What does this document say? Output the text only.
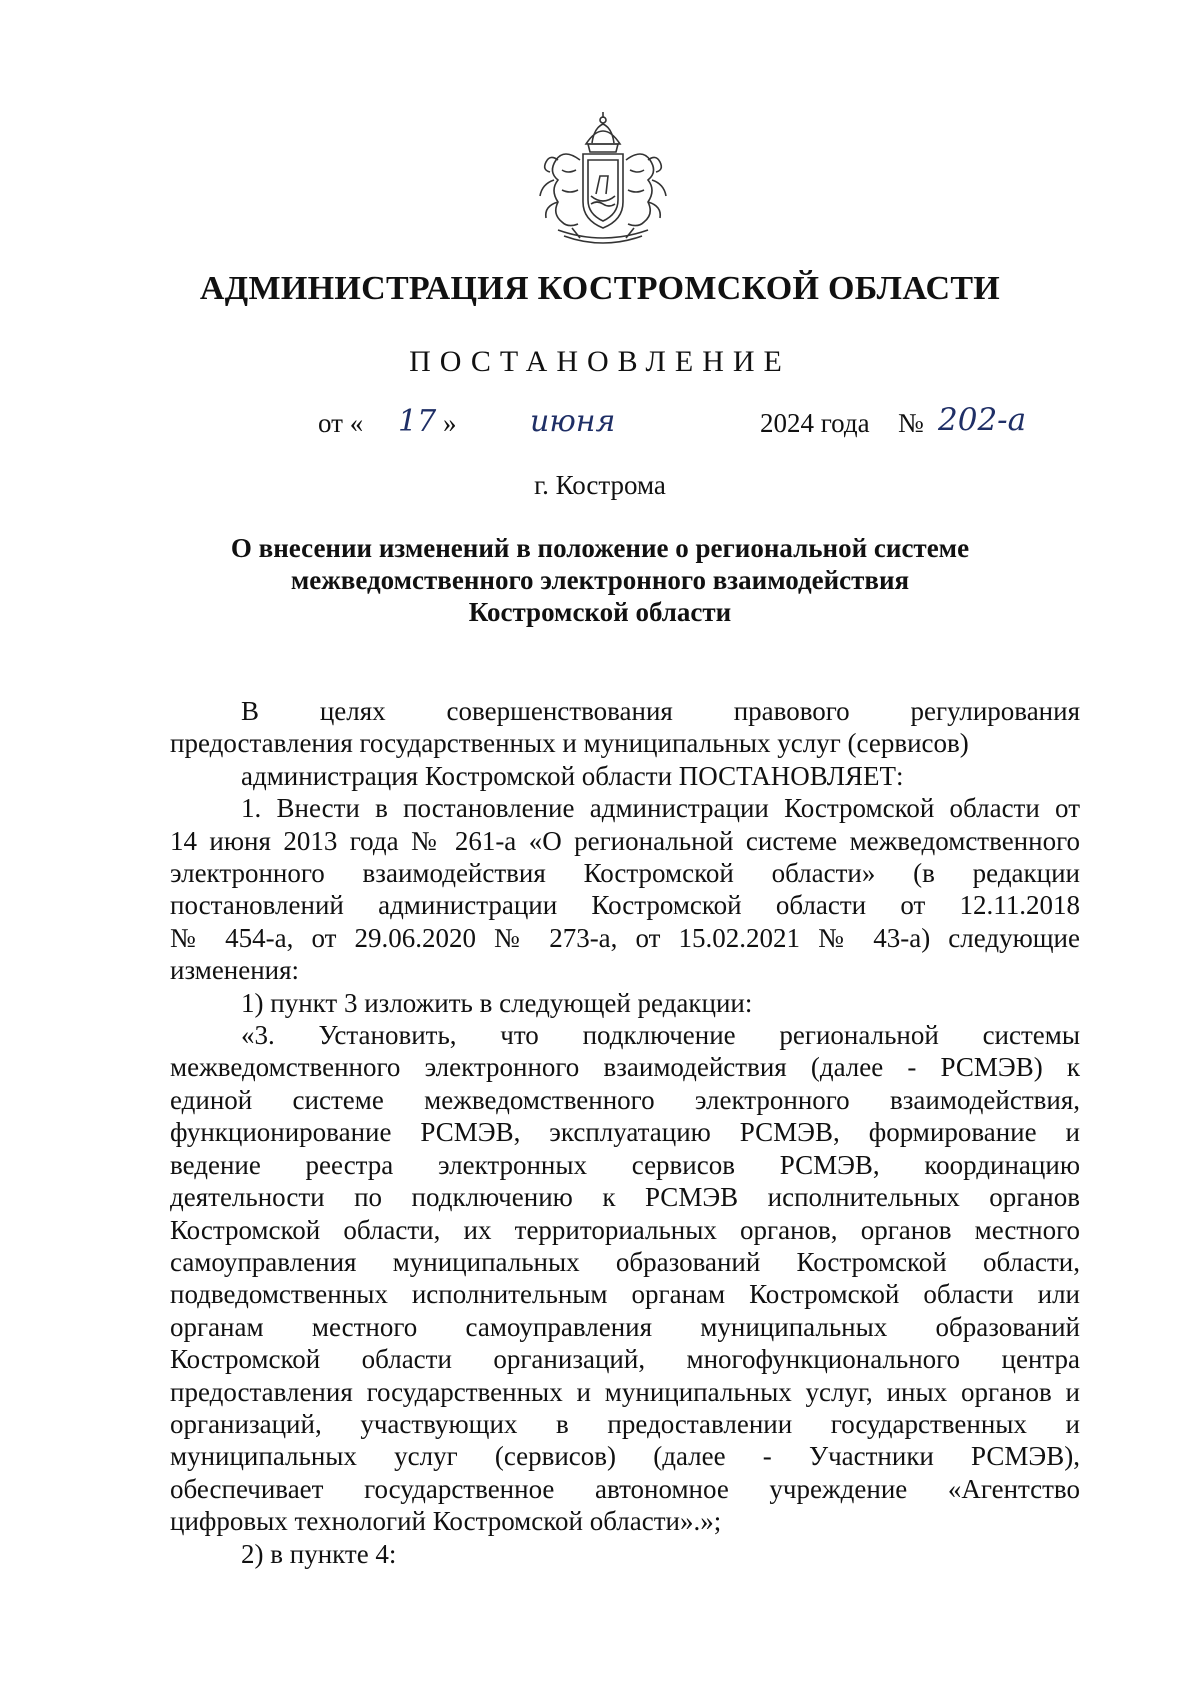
АДМИНИСТРАЦИЯ КОСТРОМСКОЙ ОБЛАСТИ
ПОСТАНОВЛЕНИЕ
от « 17 » июня	2024 года № 202-а
г. Кострома
О внесении изменений в положение о региональной системе
межведомственного электронного взаимодействия
Костромской области
В целях совершенствования правового регулирования
предоставления государственных и муниципальных услуг (сервисов)
администрация Костромской области ПОСТАНОВЛЯЕТ:
1. Внести в постановление администрации Костромской области от
14 июня 2013 года № 261-а «О региональной системе межведомственного
электронного взаимодействия Костромской области» (в редакции
постановлений администрации Костромской области от 12.11.2018
№ 454-а, от 29.06.2020 № 273-а, от 15.02.2021 № 43-а) следующие
изменения:
1) пункт 3 изложить в следующей редакции:
«3. Установить, что подключение региональной системы
межведомственного электронного взаимодействия (далее - РСМЭВ) к
единой системе межведомственного электронного взаимодействия,
функционирование РСМЭВ, эксплуатацию РСМЭВ, формирование и
ведение реестра электронных сервисов РСМЭВ, координацию
деятельности по подключению к РСМЭВ исполнительных органов
Костромской области, их территориальных органов, органов местного
самоуправления муниципальных образований Костромской области,
подведомственных исполнительным органам Костромской области или
органам местного самоуправления муниципальных образований
Костромской области организаций, многофункционального центра
предоставления государственных и муниципальных услуг, иных органов и
организаций, участвующих в предоставлении государственных и
муниципальных услуг (сервисов) (далее - Участники РСМЭВ),
обеспечивает государственное автономное учреждение «Агентство
цифровых технологий Костромской области».»;
2) в пункте 4:
